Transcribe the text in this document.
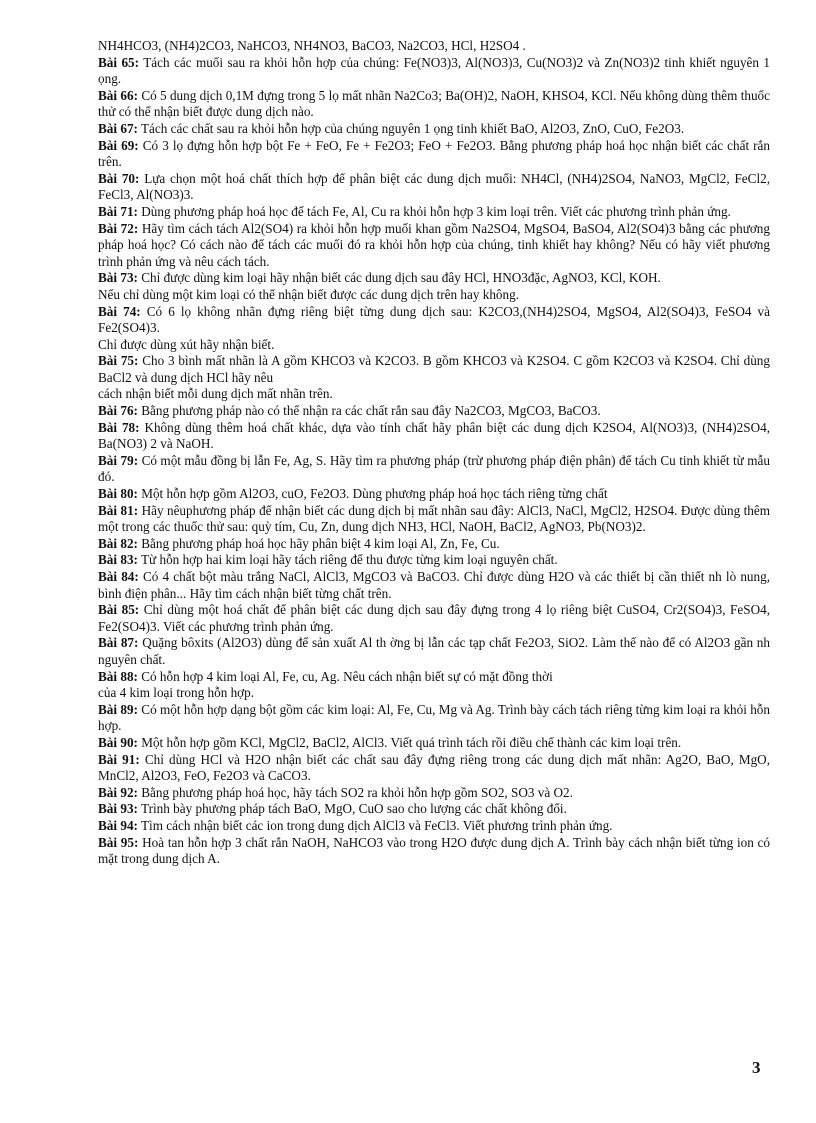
NH4HCO3, (NH4)2CO3, NaHCO3, NH4NO3, BaCO3, Na2CO3, HCl, H2SO4 .

Bài 65: Tách các muối sau ra khỏi hỗn hợp của chúng: Fe(NO3)3, Al(NO3)3, Cu(NO3)2 và Zn(NO3)2 tinh khiết nguyên 1 ọng.

Bài 66: Có 5 dung dịch 0,1M đựng trong 5 lọ mất nhãn Na2Co3; Ba(OH)2, NaOH, KHSO4, KCl. Nếu không dùng thêm thuốc thử có thể nhận biết được dung dịch nào.

Bài 67: Tách các chất sau ra khỏi hỗn hợp của chúng nguyên 1 ọng tinh khiết BaO, Al2O3, ZnO, CuO, Fe2O3.

Bài 69: Có 3 lọ đựng hỗn hợp bột Fe + FeO, Fe + Fe2O3; FeO + Fe2O3. Bằng phương pháp hoá học nhận biết các chất rắn trên.

Bài 70: Lựa chọn một hoá chất thích hợp để phân biệt các dung dịch muối: NH4Cl, (NH4)2SO4, NaNO3, MgCl2, FeCl2, FeCl3, Al(NO3)3.

Bài 71: Dùng phương pháp hoá học để tách Fe, Al, Cu ra khỏi hỗn hợp 3 kim loại trên. Viết các phương trình phản ứng.

Bài 72: Hãy tìm cách tách Al2(SO4) ra khỏi hỗn hợp muối khan gồm Na2SO4, MgSO4, BaSO4, Al2(SO4)3 bằng các phương pháp hoá học? Có cách nào để tách các muối đó ra khỏi hỗn hợp của chúng, tinh khiết hay không? Nếu có hãy viết phương trình phản ứng và nêu cách tách.

Bài 73: Chỉ được dùng kim loại hãy nhận biết các dung dịch sau đây HCl, HNO3đặc, AgNO3, KCl, KOH.

Nếu chỉ dùng một kim loại có thể nhận biết được các dung dịch trên hay không.

Bài 74: Có 6 lọ không nhãn đựng riêng biệt từng dung dịch sau: K2CO3,(NH4)2SO4, MgSO4, Al2(SO4)3, FeSO4 và Fe2(SO4)3.

Chỉ được dùng xút hãy nhận biết.

Bài 75: Cho 3 bình mất nhãn là A gồm KHCO3 và K2CO3. B gồm KHCO3 và K2SO4. C gồm K2CO3 và K2SO4. Chỉ dùng BaCl2 và dung dịch HCl hãy nêu

cách nhận biết mỗi dung dịch mất nhãn trên.

Bài 76: Bằng phương pháp nào có thể nhận ra các chất rắn sau đây Na2CO3, MgCO3, BaCO3.

Bài 78: Không dùng thêm hoá chất khác, dựa vào tính chất hãy phân biệt các dung dịch K2SO4, Al(NO3)3, (NH4)2SO4, Ba(NO3) 2 và NaOH.

Bài 79: Có một mẫu đồng bị lẫn Fe, Ag, S. Hãy tìm ra phương pháp (trừ phương pháp điện phân) để tách Cu tinh khiết từ mẫu đó.

Bài 80: Một hỗn hợp gồm Al2O3, cuO, Fe2O3. Dùng phương pháp hoá học tách riêng từng chất

Bài 81: Hãy nêuphương pháp để nhận biết các dung dịch bị mất nhãn sau đây: AlCl3, NaCl, MgCl2, H2SO4. Được dùng thêm một trong các thuốc thử sau: quỳ tím, Cu, Zn, dung dịch NH3, HCl, NaOH, BaCl2, AgNO3, Pb(NO3)2.

Bài 82: Bằng phương pháp hoá học hãy phân biệt 4 kim loại Al, Zn, Fe, Cu.

Bài 83: Từ hỗn hợp hai kim loại hãy tách riêng để thu được từng kim loại nguyên chất.

Bài 84: Có 4 chất bột màu trắng NaCl, AlCl3, MgCO3 và BaCO3. Chỉ được dùng H2O và các thiết bị cần thiết nh lò nung, bình điện phân... Hãy tìm cách nhận biết từng chất trên.

Bài 85: Chỉ dùng một hoá chất để phân biệt các dung dịch sau đây đựng trong 4 lọ riêng biệt CuSO4, Cr2(SO4)3, FeSO4, Fe2(SO4)3. Viết các phương trình phản ứng.

Bài 87: Quặng bôxits (Al2O3) dùng để sản xuất Al th ờng bị lẫn các tạp chất Fe2O3, SiO2. Làm thế nào để có Al2O3 gần nh nguyên chất.

Bài 88: Có hỗn hợp 4 kim loại Al, Fe, cu, Ag. Nêu cách nhận biết sự có mặt đồng thời

của 4 kim loại trong hỗn hợp.

Bài 89: Có một hỗn hợp dạng bột gồm các kim loại: Al, Fe, Cu, Mg và Ag. Trình bày cách tách riêng từng kim loại ra khỏi hỗn hợp.

Bài 90: Một hỗn hợp gồm KCl, MgCl2, BaCl2, AlCl3. Viết quá trình tách rồi điều chế thành các kim loại trên.

Bài 91: Chỉ dùng HCl và H2O nhận biết các chất sau đây đựng riêng trong các dung dịch mất nhãn: Ag2O, BaO, MgO, MnCl2, Al2O3, FeO, Fe2O3 và CaCO3.

Bài 92: Bằng phương pháp hoá học, hãy tách SO2 ra khỏi hỗn hợp gồm SO2, SO3 và O2.

Bài 93: Trình bày phương pháp tách BaO, MgO, CuO sao cho lượng các chất không đổi.

Bài 94: Tìm cách nhận biết các ion trong dung dịch AlCl3 và FeCl3. Viết phương trình phản ứng.

Bài 95: Hoà tan hỗn hợp 3 chất rắn NaOH, NaHCO3 vào trong H2O được dung dịch A. Trình bày cách nhận biết từng ion có mặt trong dung dịch A.

3
